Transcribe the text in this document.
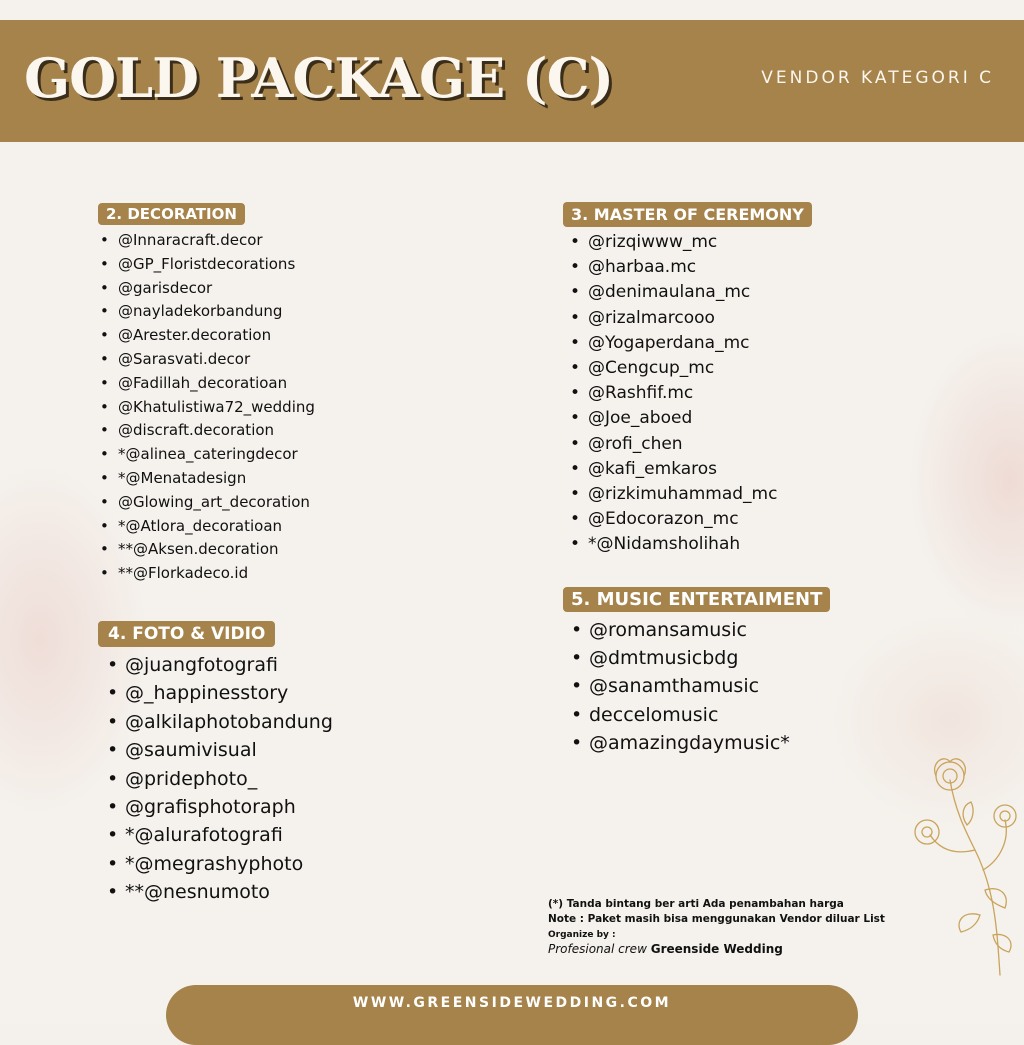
GOLD PACKAGE (C)	VENDOR KATEGORI C
2. DECORATION
• @Innaracraft.decor
• @GP_Floristdecorations
• @garisdecor
• @nayladekorbandung
• @Arester.decoration
• @Sarasvati.decor
• @Fadillah_decoratioan
• @Khatulistiwa72_wedding
• @discraft.decoration
• *@alinea_cateringdecor
• *@Menatadesign
• @Glowing_art_decoration
• *@Atlora_decoratioan
• **@Aksen.decoration
• **@Florkadeco.id
3. MASTER OF CEREMONY
• @rizqiwww_mc
• @harbaa.mc
• @denimaulana_mc
• @rizalmarcooo
• @Yogaperdana_mc
• @Cengcup_mc
• @Rashfif.mc
• @Joe_aboed
• @rofi_chen
• @kafi_emkaros
• @rizkimuhammad_mc
• @Edocorazon_mc
• *@Nidamsholihah
4. FOTO & VIDIO
• @juangfotografi
• @_happinesstory
• @alkilaphotobandung
• @saumivisual
• @pridephoto_
• @grafisphotoraph
• *@alurafotografi
• *@megrashyphoto
• **@nesnumoto
5. MUSIC ENTERTAIMENT
• @romansamusic
• @dmtmusicbdg
• @sanamthamusic
• deccelomusic
• @amazingdaymusic*
(*) Tanda bintang ber arti Ada penambahan harga
Note : Paket masih bisa menggunakan Vendor diluar List
Organize by :
Profesional crew Greenside Wedding
WWW.GREENSIDEWEDDING.COM
